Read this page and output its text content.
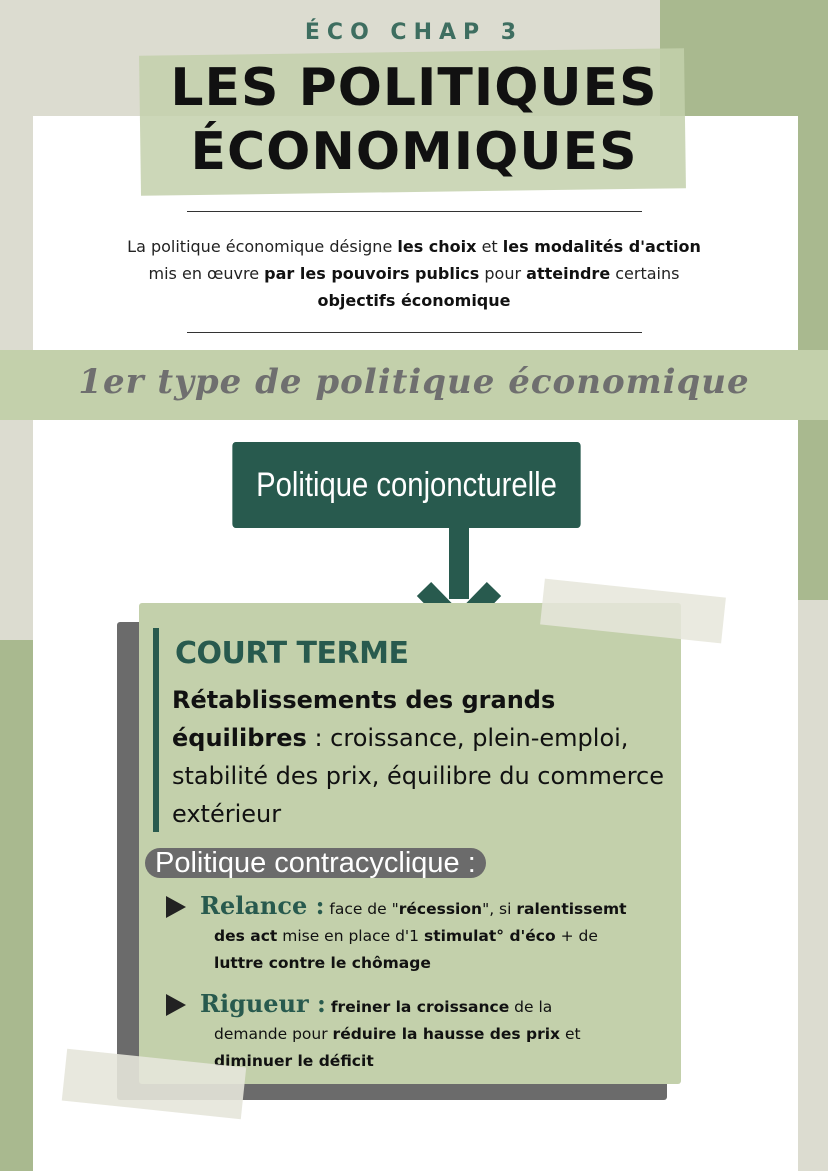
ÉCO CHAP 3
LES POLITIQUES
ÉCONOMIQUES
La politique économique désigne les choix et les modalités d'action
mis en œuvre par les pouvoirs publics pour atteindre certains
objectifs économique
1er type de politique économique
Politique conjoncturelle
COURT TERME
Rétablissements des grands équilibres : croissance, plein-emploi, stabilité des prix, équilibre du commerce extérieur
Politique contracyclique :
Relance : face de "récession", si ralentissemt
des act mise en place d'1 stimulat° d'éco + de
luttre contre le chômage
Rigueur : freiner la croissance de la
demande pour réduire la hausse des prix et
diminuer le déficit
